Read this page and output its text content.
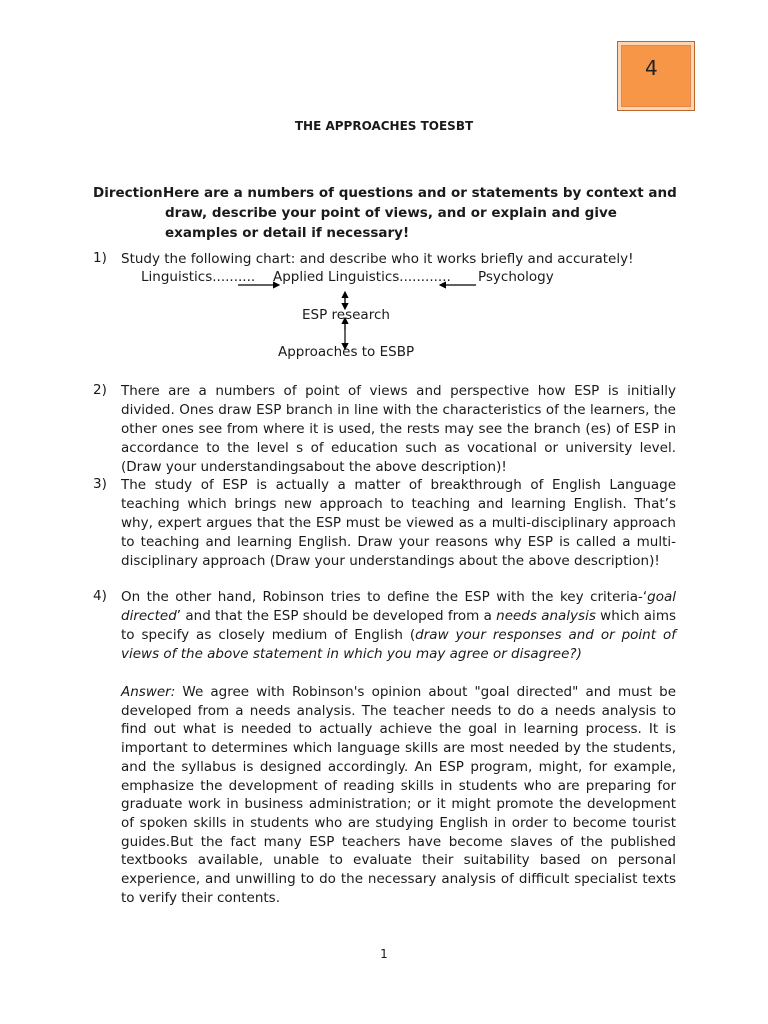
4
THE APPROACHES TOESBT
Direction:
Here are a numbers of questions and or statements by context and draw, describe your point of views, and or explain and give examples or detail if necessary!
1) Study the following chart: and describe who it works briefly and accurately!
Linguistics.......... Applied Linguistics............ Psychology
ESP research
Approaches to ESBP
2) There are a numbers of point of views and perspective how ESP is initially divided. Ones draw ESP branch in line with the characteristics of the learners, the other ones see from where it is used, the rests may see the branch (es) of ESP in accordance to the level s of education such as vocational or university level. (Draw your understandingsabout the above description)!
3) The study of ESP is actually a matter of breakthrough of English Language teaching which brings new approach to teaching and learning English. That’s why, expert argues that the ESP must be viewed as a multi-disciplinary approach to teaching and learning English. Draw your reasons why ESP is called a multi-disciplinary approach (Draw your understandings about the above description)!
4) On the other hand, Robinson tries to define the ESP with the key criteria-‘goal directed’ and that the ESP should be developed from a needs analysis which aims to specify as closely medium of English (draw your responses and or point of views of the above statement in which you may agree or disagree?)
Answer: We agree with Robinson's opinion about "goal directed" and must be developed from a needs analysis. The teacher needs to do a needs analysis to find out what is needed to actually achieve the goal in learning process. It is important to determines which language skills are most needed by the students, and the syllabus is designed accordingly. An ESP program, might, for example, emphasize the development of reading skills in students who are preparing for graduate work in business administration; or it might promote the development of spoken skills in students who are studying English in order to become tourist guides.But the fact many ESP teachers have become slaves of the published textbooks available, unable to evaluate their suitability based on personal experience, and unwilling to do the necessary analysis of difficult specialist texts to verify their contents.
1
